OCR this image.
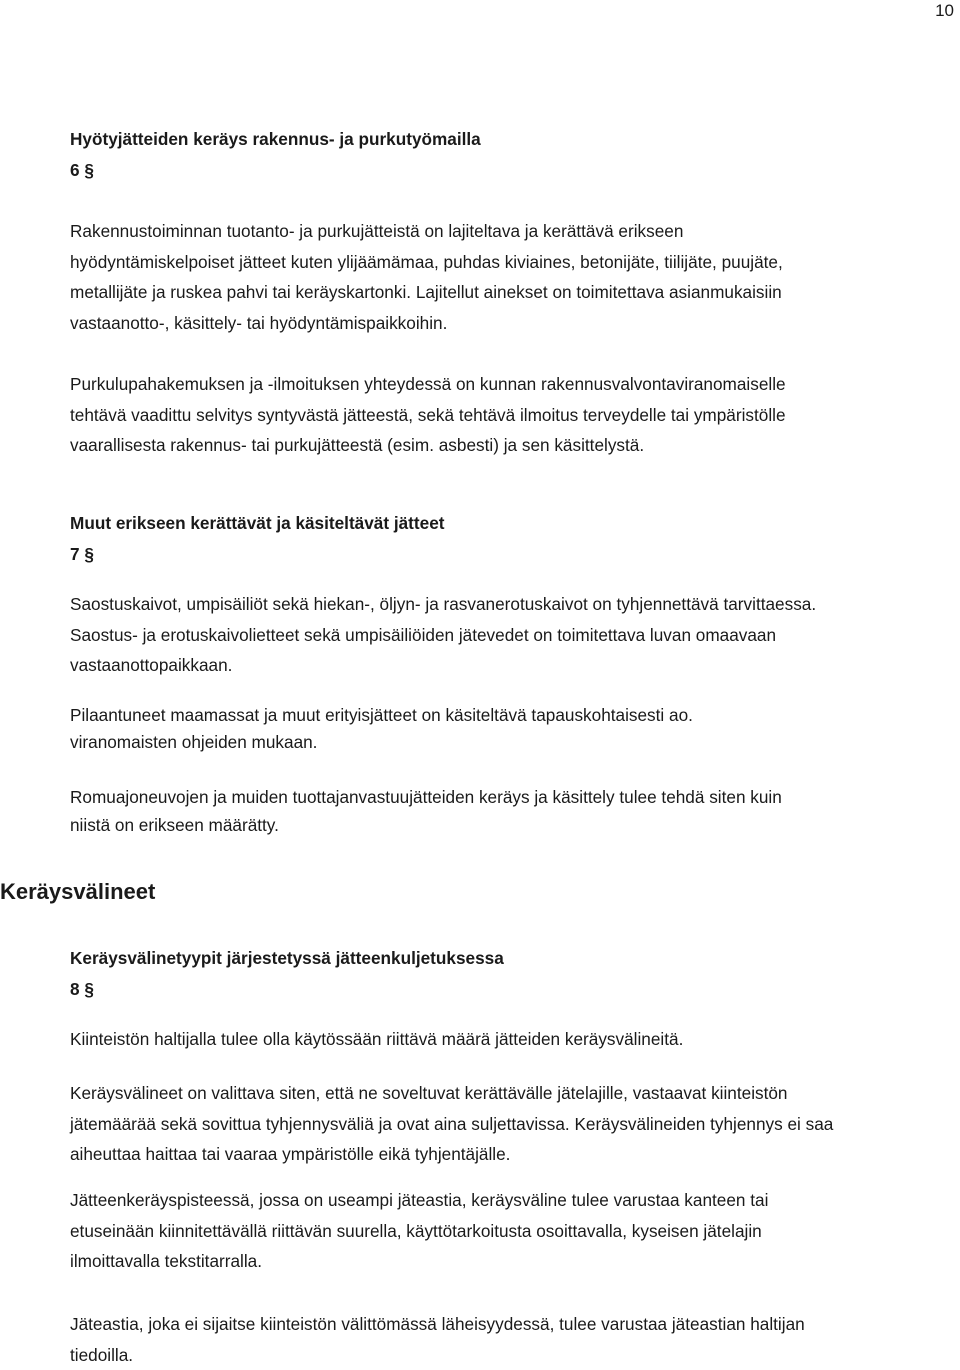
10
Hyötyjätteiden keräys rakennus- ja purkutyömailla
6 §
Rakennustoiminnan tuotanto- ja purkujätteistä on lajiteltava ja kerättävä erikseen
hyödyntämiskelpoiset jätteet kuten ylijäämämaa, puhdas kiviaines, betonijäte, tiilijäte, puujäte,
metallijäte ja ruskea pahvi tai keräyskartonki. Lajitellut ainekset on toimitettava asianmukaisiin
vastaanotto-, käsittely- tai hyödyntämispaikkoihin.
Purkulupahakemuksen ja -ilmoituksen yhteydessä on kunnan rakennusvalvontaviranomaiselle
tehtävä vaadittu selvitys syntyvästä jätteestä, sekä tehtävä ilmoitus terveydelle tai ympäristölle
vaarallisesta rakennus- tai purkujätteestä (esim. asbesti) ja sen käsittelystä.
Muut erikseen kerättävät ja käsiteltävät jätteet
7 §
Saostuskaivot, umpisäiliöt sekä hiekan-, öljyn- ja rasvanerotuskaivot on tyhjennettävä tarvittaessa.
Saostus- ja erotuskaivolietteet sekä umpisäiliöiden jätevedet on toimitettava luvan omaavaan
vastaanottopaikkaan.
Pilaantuneet maamassat ja muut erityisjätteet on käsiteltävä tapauskohtaisesti ao.
viranomaisten ohjeiden mukaan.
Romuajoneuvojen ja muiden tuottajanvastuujätteiden keräys ja käsittely tulee tehdä siten kuin
niistä on erikseen määrätty.
Keräysvälineet
Keräysvälinetyypit järjestetyssä jätteenkuljetuksessa
8 §
Kiinteistön haltijalla tulee olla käytössään riittävä määrä jätteiden keräysvälineitä.
Keräysvälineet on valittava siten, että ne soveltuvat kerättävälle jätelajille, vastaavat kiinteistön
jätemäärää sekä sovittua tyhjennysväliä ja ovat aina suljettavissa. Keräysvälineiden tyhjennys ei saa
aiheuttaa haittaa tai vaaraa ympäristölle eikä tyhjentäjälle.
Jätteenkeräyspisteessä, jossa on useampi jäteastia, keräysväline tulee varustaa kanteen tai
etuseinään kiinnitettävällä riittävän suurella, käyttötarkoitusta osoittavalla, kyseisen jätelajin
ilmoittavalla tekstitarralla.
Jäteastia, joka ei sijaitse kiinteistön välittömässä läheisyydessä, tulee varustaa jäteastian haltijan
tiedoilla.
